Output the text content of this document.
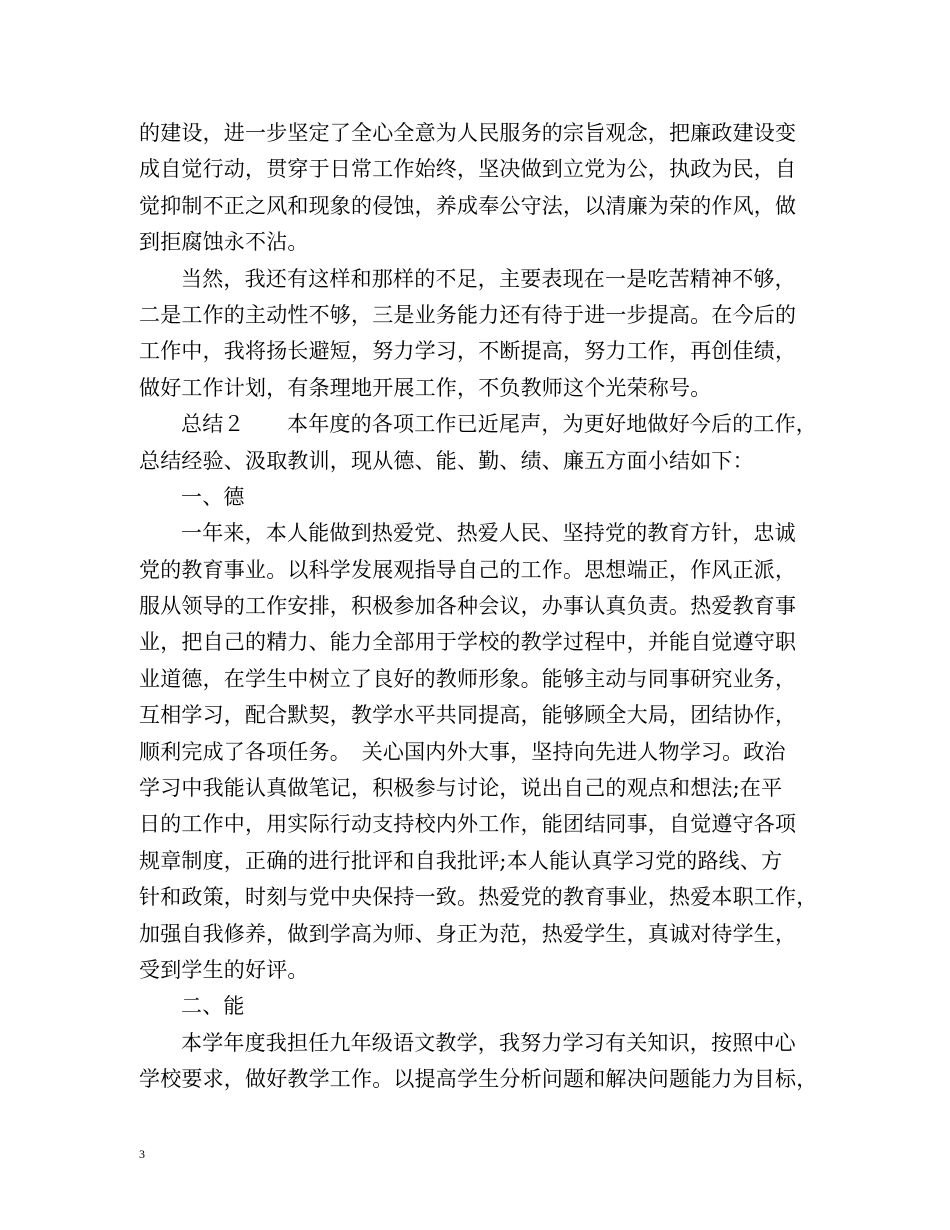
的建设，进一步坚定了全心全意为人民服务的宗旨观念，把廉政建设变
成自觉行动，贯穿于日常工作始终，坚决做到立党为公，执政为民，自
觉抑制不正之风和现象的侵蚀，养成奉公守法，以清廉为荣的作风，做
到拒腐蚀永不沾。
当然，我还有这样和那样的不足，主要表现在一是吃苦精神不够，
二是工作的主动性不够，三是业务能力还有待于进一步提高。在今后的
工作中，我将扬长避短，努力学习，不断提高，努力工作，再创佳绩，
做好工作计划，有条理地开展工作，不负教师这个光荣称号。
总结２　　本年度的各项工作已近尾声，为更好地做好今后的工作，
总结经验、汲取教训，现从德、能、勤、绩、廉五方面小结如下：
一、德
一年来，本人能做到热爱党、热爱人民、坚持党的教育方针，忠诚
党的教育事业。以科学发展观指导自己的工作。思想端正，作风正派，
服从领导的工作安排，积极参加各种会议，办事认真负责。热爱教育事
业，把自己的精力、能力全部用于学校的教学过程中，并能自觉遵守职
业道德，在学生中树立了良好的教师形象。能够主动与同事研究业务，
互相学习，配合默契，教学水平共同提高，能够顾全大局，团结协作，
顺利完成了各项任务。　关心国内外大事，坚持向先进人物学习。政治
学习中我能认真做笔记，积极参与讨论，说出自己的观点和想法;在平
日的工作中，用实际行动支持校内外工作，能团结同事，自觉遵守各项
规章制度，正确的进行批评和自我批评;本人能认真学习党的路线、方
针和政策，时刻与党中央保持一致。热爱党的教育事业，热爱本职工作，
加强自我修养，做到学高为师、身正为范，热爱学生，真诚对待学生，
受到学生的好评。
二、能
本学年度我担任九年级语文教学，我努力学习有关知识，按照中心
学校要求，做好教学工作。以提高学生分析问题和解决问题能力为目标，
3
